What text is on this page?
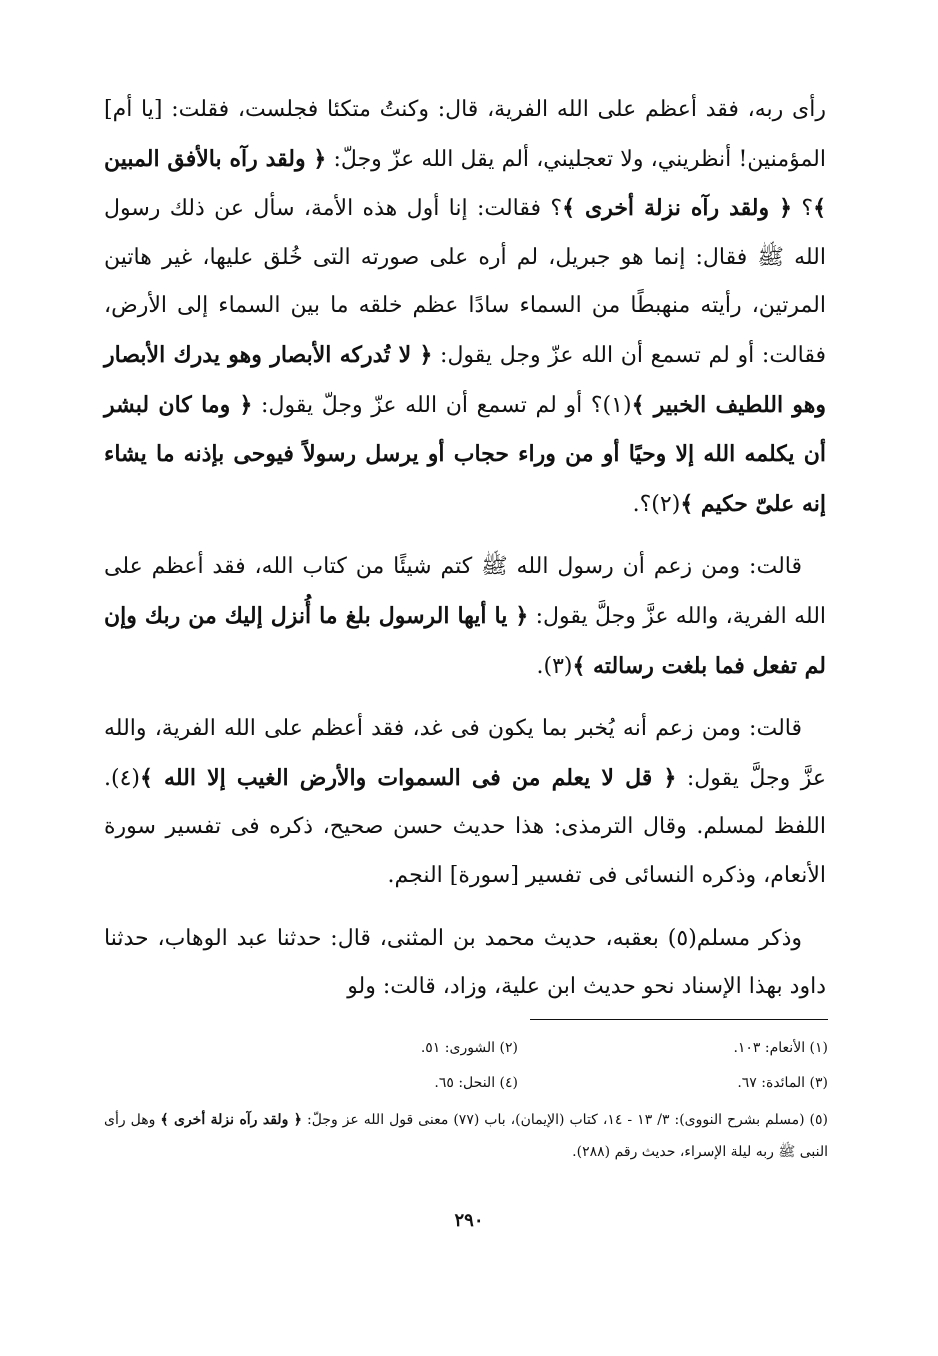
رأى ربه، فقد أعظم على الله الفرية، قال: وكنتُ متكئا فجلست، فقلت: [يا أم] المؤمنين! أنظريني، ولا تعجليني، ألم يقل الله عزّ وجلّ: ﴿ ولقد رآه بالأفق المبين ﴾؟ ﴿ ولقد رآه نزلة أخرى ﴾؟ فقالت: إنا أول هذه الأمة، سأل عن ذلك رسول الله ﷺ فقال: إنما هو جبريل، لم أره على صورته التى خُلق عليها، غير هاتين المرتين، رأيته منهبطًا من السماء سادًا عظم خلقه ما بين السماء إلى الأرض، فقالت: أو لم تسمع أن الله عزّ وجل يقول: ﴿ لا تُدركه الأبصار وهو يدرك الأبصار وهو اللطيف الخبير ﴾(١)؟ أو لم تسمع أن الله عزّ وجلّ يقول: ﴿ وما كان لبشر أن يكلمه الله إلا وحيًا أو من وراء حجاب أو يرسل رسولاً فيوحى بإذنه ما يشاء إنه علىّ حكيم ﴾(٢)؟.

قالت: ومن زعم أن رسول الله ﷺ كتم شيئًا من كتاب الله، فقد أعظم على الله الفرية، والله عزَّ وجلَّ يقول: ﴿ يا أيها الرسول بلغ ما أُنزل إليك من ربك وإن لم تفعل فما بلغت رسالته ﴾(٣).

قالت: ومن زعم أنه يُخبر بما يكون فى غد، فقد أعظم على الله الفرية، والله عزَّ وجلَّ يقول: ﴿ قل لا يعلم من فى السموات والأرض الغيب إلا الله ﴾(٤). اللفظ لمسلم. وقال الترمذى: هذا حديث حسن صحيح، ذكره فى تفسير سورة الأنعام، وذكره النسائى فى تفسير [سورة] النجم.

وذكر مسلم(٥) بعقبه، حديث محمد بن المثنى، قال: حدثنا عبد الوهاب، حدثنا داود بهذا الإسناد نحو حديث ابن علية، وزاد، قالت: ولو

(١) الأنعام: ١٠٣.
(٢) الشورى: ٥١.
(٣) المائدة: ٦٧.
(٤) النحل: ٦٥.
(٥) (مسلم بشرح النووى): ٣/ ١٣ - ١٤، كتاب (الإيمان)، باب (٧٧) معنى قول الله عز وجلّ: ﴿ ولقد رآه نزلة أخرى ﴾ وهل رأى النبى ﷺ ربه ليلة الإسراء، حديث رقم (٢٨٨).
٢٩٠
